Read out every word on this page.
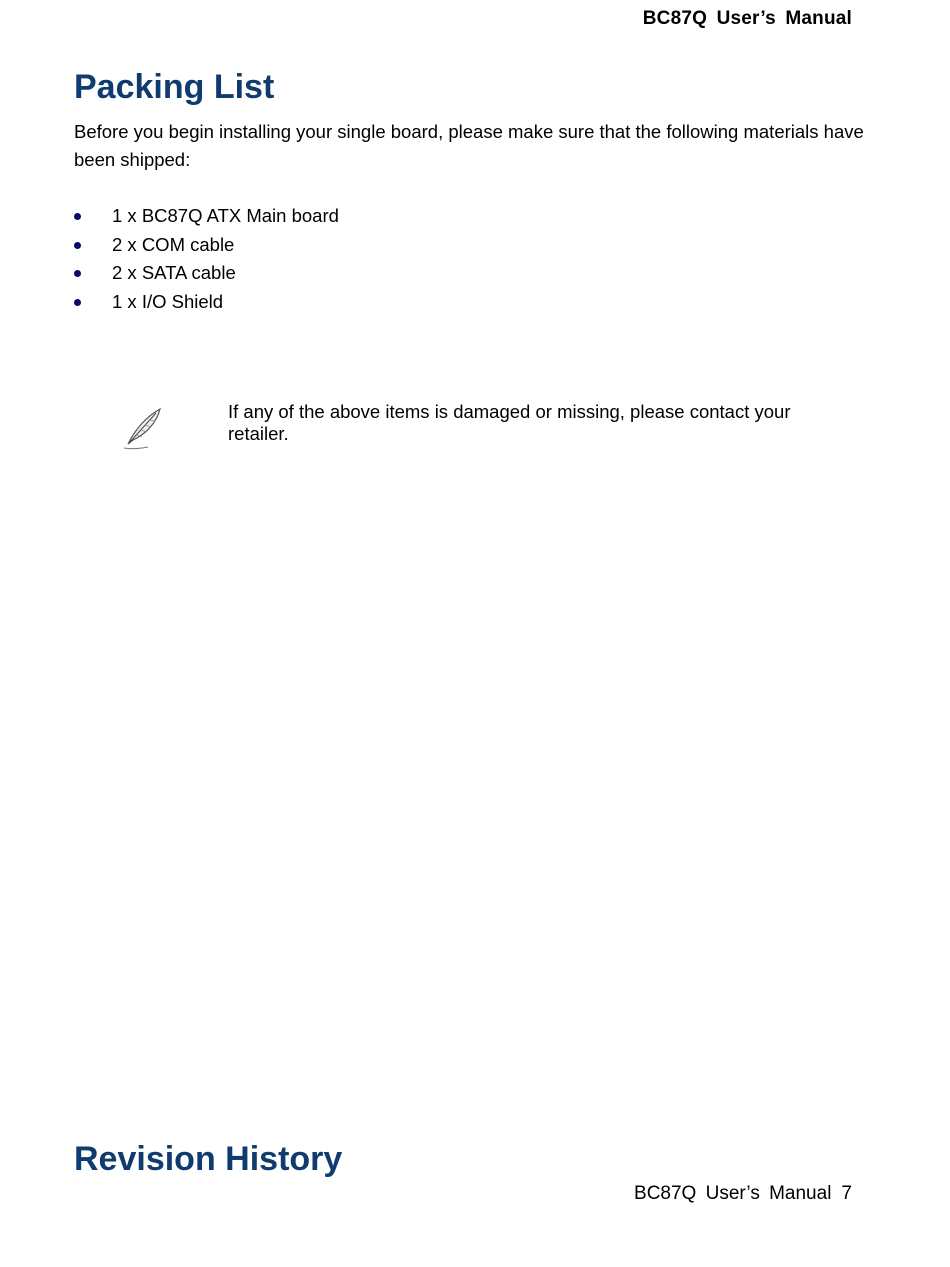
BC87Q User’s Manual
Packing List

Before you begin installing your single board, please make sure that the following materials have been shipped:

1 x BC87Q ATX Main board
2 x COM cable
2 x SATA cable
1 x I/O Shield

If any of the above items is damaged or missing, please contact your retailer.

Revision History
BC87Q User’s Manual 7
